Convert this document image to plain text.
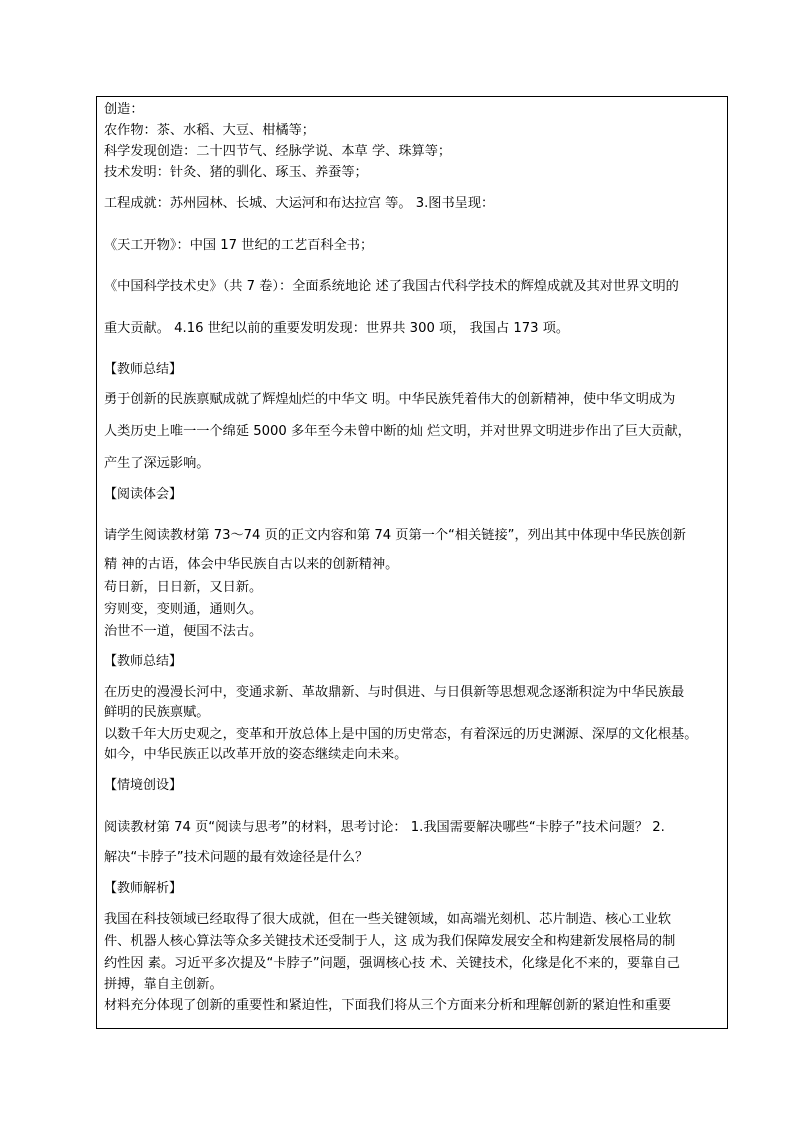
创造：
农作物：茶、水稻、大豆、柑橘等；
科学发现创造：二十四节气、经脉学说、本草 学、珠算等；
技术发明：针灸、猪的驯化、琢玉、养蚕等；
工程成就：苏州园林、长城、大运河和布达拉宫 等。 3.图书呈现：
《天工开物》：中国 17 世纪的工艺百科全书；
《中国科学技术史》（共 7 卷）：全面系统地论 述了我国古代科学技术的辉煌成就及其对世界文明的
重大贡献。 4.16 世纪以前的重要发明发现：世界共 300 项， 我国占 173 项。
【教师总结】
勇于创新的民族禀赋成就了辉煌灿烂的中华文 明。中华民族凭着伟大的创新精神，使中华文明成为
人类历史上唯一一个绵延 5000 多年至今未曾中断的灿 烂文明，并对世界文明进步作出了巨大贡献，
产生了深远影响。
【阅读体会】
请学生阅读教材第 73～74 页的正文内容和第 74 页第一个“相关链接”，列出其中体现中华民族创新
精 神的古语，体会中华民族自古以来的创新精神。
苟日新，日日新，又日新。
穷则变，变则通，通则久。
治世不一道，便国不法古。
【教师总结】
在历史的漫漫长河中，变通求新、革故鼎新、与时俱进、与日俱新等思想观念逐渐积淀为中华民族最
鲜明的民族禀赋。
以数千年大历史观之，变革和开放总体上是中国的历史常态，有着深远的历史渊源、深厚的文化根基。
如今，中华民族正以改革开放的姿态继续走向未来。
【情境创设】
阅读教材第 74 页“阅读与思考”的材料，思考讨论： 1.我国需要解决哪些“卡脖子”技术问题？ 2.
解决“卡脖子”技术问题的最有效途径是什么？
【教师解析】
我国在科技领域已经取得了很大成就，但在一些关键领域，如高端光刻机、芯片制造、核心工业软
件、机器人核心算法等众多关键技术还受制于人，这 成为我们保障发展安全和构建新发展格局的制
约性因 素。习近平多次提及“卡脖子”问题，强调核心技 术、关键技术，化缘是化不来的，要靠自己
拼搏，靠自主创新。
材料充分体现了创新的重要性和紧迫性，下面我们将从三个方面来分析和理解创新的紧迫性和重要
